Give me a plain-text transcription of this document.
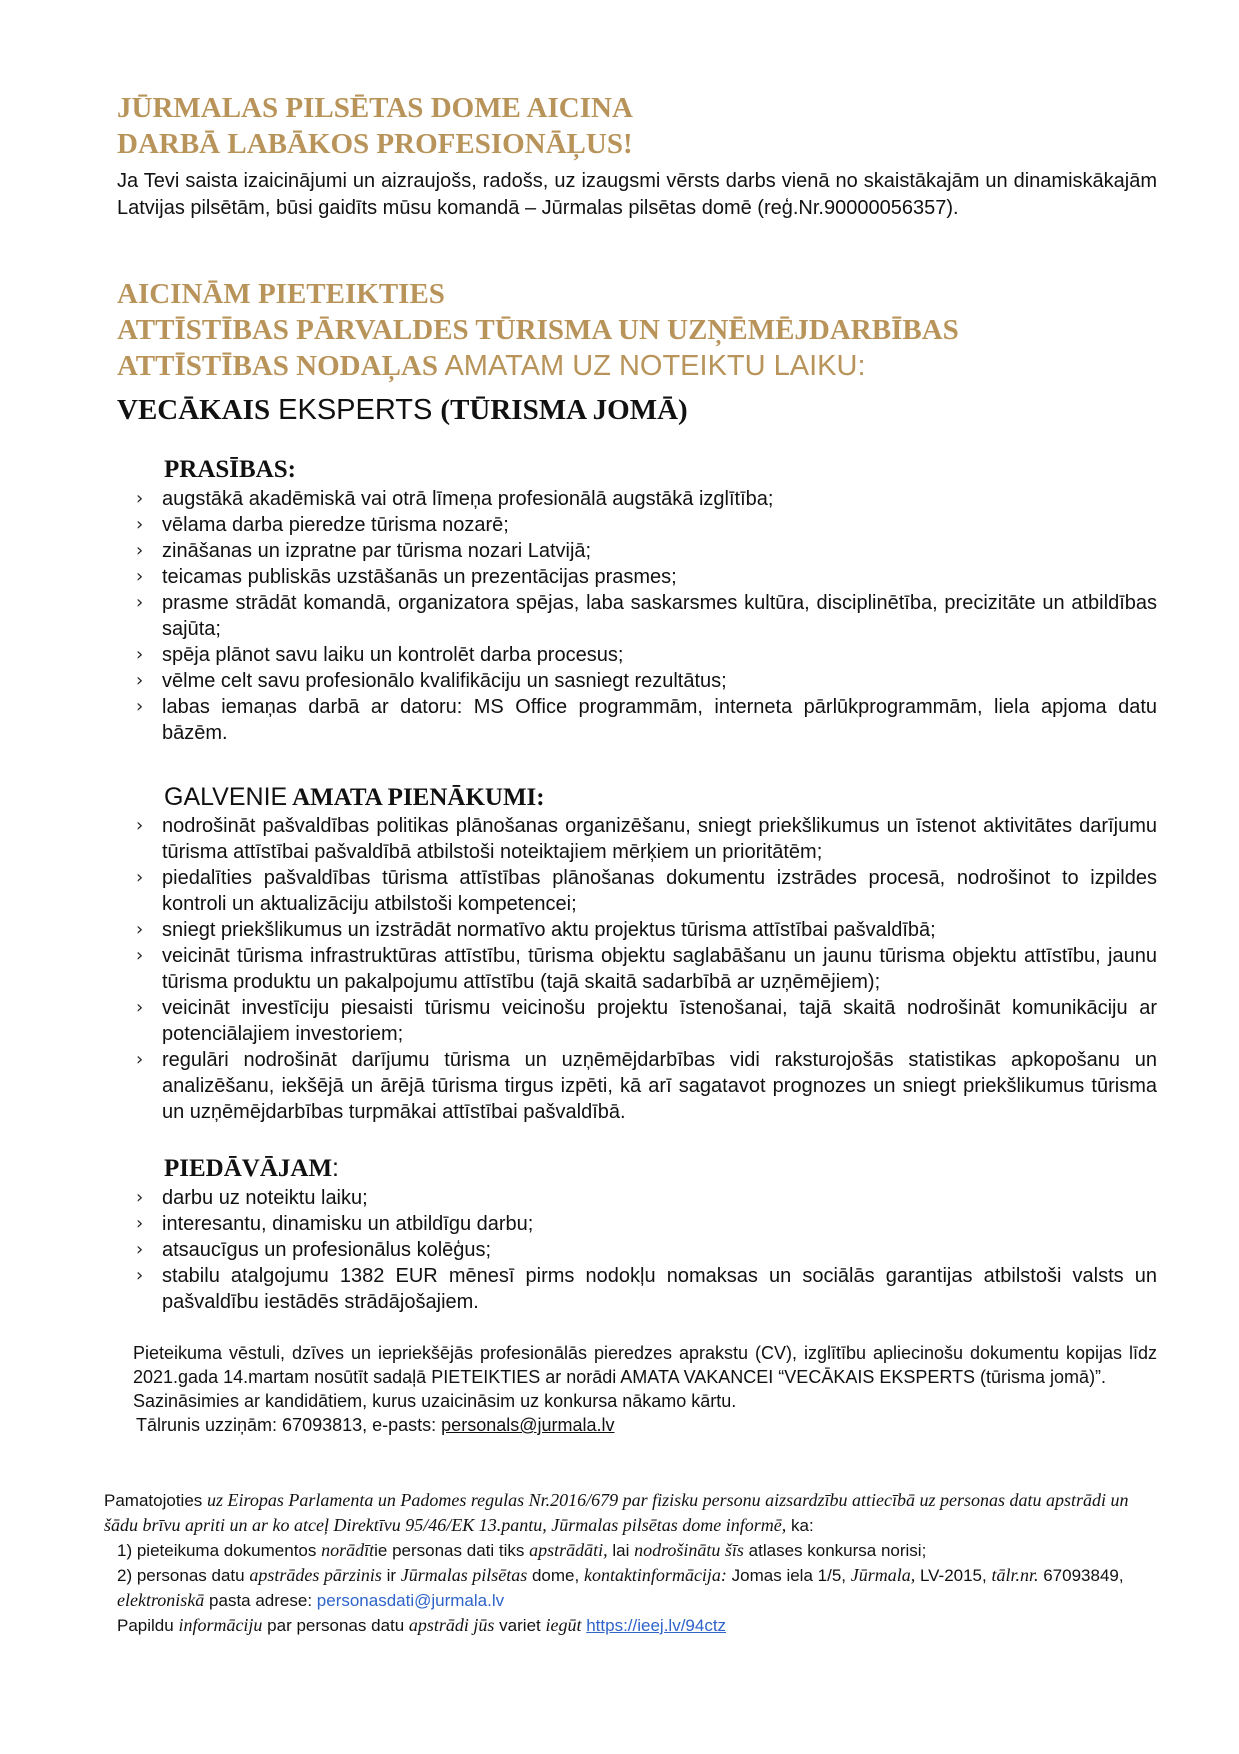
JŪRMALAS PILSĒTAS DOME AICINA

DARBĀ LABĀKOS PROFESIONĀĻUS!

Ja Tevi saista izaicinājumi un aizraujošs, radošs, uz izaugsmi vērsts darbs vienā no skaistākajām un dinamiskākajām Latvijas pilsētām, būsi gaidīts mūsu komandā – Jūrmalas pilsētas domē (reģ.Nr.90000056357).

AICINĀM PIETEIKTIES

ATTĪSTĪBAS PĀRVALDES TŪRISMA UN UZŅĒMĒJDARBĪBAS

ATTĪSTĪBAS NODAĻAS AMATAM UZ NOTEIKTU LAIKU:

VECĀKAIS EKSPERTS (TŪRISMA JOMĀ)

PRASĪBAS:

› augstākā akadēmiskā vai otrā līmeņa profesionālā augstākā izglītība;
› vēlama darba pieredze tūrisma nozarē;
› zināšanas un izpratne par tūrisma nozari Latvijā;
› teicamas publiskās uzstāšanās un prezentācijas prasmes;
› prasme strādāt komandā, organizatora spējas, laba saskarsmes kultūra, disciplinētība, precizitāte un atbildības sajūta;
› spēja plānot savu laiku un kontrolēt darba procesus;
› vēlme celt savu profesionālo kvalifikāciju un sasniegt rezultātus;
› labas iemaņas darbā ar datoru: MS Office programmām, interneta pārlūkprogrammām, liela apjoma datu bāzēm.

GALVENIE AMATA PIENĀKUMI:

› nodrošināt pašvaldības politikas plānošanas organizēšanu, sniegt priekšlikumus un īstenot aktivitātes darījumu tūrisma attīstībai pašvaldībā atbilstoši noteiktajiem mērķiem un prioritātēm;
› piedalīties pašvaldības tūrisma attīstības plānošanas dokumentu izstrādes procesā, nodrošinot to izpildes kontroli un aktualizāciju atbilstoši kompetencei;
› sniegt priekšlikumus un izstrādāt normatīvo aktu projektus tūrisma attīstībai pašvaldībā;
› veicināt tūrisma infrastruktūras attīstību, tūrisma objektu saglabāšanu un jaunu tūrisma objektu attīstību, jaunu tūrisma produktu un pakalpojumu attīstību (tajā skaitā sadarbībā ar uzņēmējiem);
› veicināt investīciju piesaisti tūrismu veicinošu projektu īstenošanai, tajā skaitā nodrošināt komunikāciju ar potenciālajiem investoriem;
› regulāri nodrošināt darījumu tūrisma un uzņēmējdarbības vidi raksturojošās statistikas apkopošanu un analizēšanu, iekšējā un ārējā tūrisma tirgus izpēti, kā arī sagatavot prognozes un sniegt priekšlikumus tūrisma un uzņēmējdarbības turpmākai attīstībai pašvaldībā.

PIEDĀVĀJAM:

› darbu uz noteiktu laiku;
› interesantu, dinamisku un atbildīgu darbu;
› atsaucīgus un profesionālus kolēģus;
› stabilu atalgojumu 1382 EUR mēnesī pirms nodokļu nomaksas un sociālās garantijas atbilstoši valsts un pašvaldību iestādēs strādājošajiem.

Pieteikuma vēstuli, dzīves un iepriekšējās profesionālās pieredzes aprakstu (CV), izglītību apliecinošu dokumentu kopijas līdz 2021.gada 14.martam nosūtīt sadaļā PIETEIKTIES ar norādi AMATA VAKANCEI “VECĀKAIS EKSPERTS (tūrisma jomā)”.

Sazināsimies ar kandidātiem, kurus uzaicināsim uz konkursa nākamo kārtu.

Tālrunis uzziņām: 67093813, e-pasts: personals@jurmala.lv

Pamatojoties uz Eiropas Parlamenta un Padomes regulas Nr.2016/679 par fizisku personu aizsardzību attiecībā uz personas datu apstrādi un šādu brīvu apriti un ar ko atceļ Direktīvu 95/46/EK 13.pantu, Jūrmalas pilsētas dome informē, ka:

1) pieteikuma dokumentos norādītie personas dati tiks apstrādāti, lai nodrošinātu šīs atlases konkursa norisi;

2) personas datu apstrādes pārzinis ir Jūrmalas pilsētas dome, kontaktinformācija: Jomas iela 1/5, Jūrmala, LV-2015, tālr.nr. 67093849, elektroniskā pasta adrese: personasdati@jurmala.lv

Papildu informāciju par personas datu apstrādi jūs variet iegūt https://ieej.lv/94ctz
